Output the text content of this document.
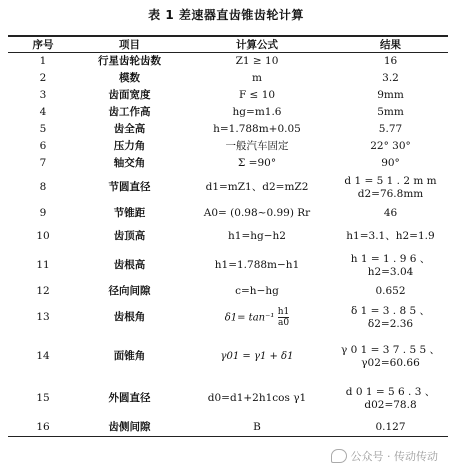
表 1 差速器直齿锥齿轮计算
序号	项目	计算公式	结果
1	行星齿轮齿数	Z1 ≥ 10	16
2	模数	m	3.2
3	齿面宽度	F ≤ 10	9mm
4	齿工作高	hg=m1.6	5mm
5	齿全高	h=1.788m+0.05	5.77
6	压力角	一般汽车固定	22° 30°
7	轴交角	Σ =90°	90°
8	节圆直径	d1=mZ1、d2=mZ2	d 1 = 5 1 . 2 m m
d2=76.8mm

9	节锥距	A0= (0.98~0.99) Rr	46
10	齿顶高	h1=hg−h2	h1=3.1、h2=1.9
11	齿根高	h1=1.788m−h1	h 1 = 1 . 9 6 、
h2=3.04

12	径向间隙	c=h−hg	0.652
13	齿根角	$\delta 1= \tan^{-1} \frac{h1}{a0}$	δ 1 = 3 . 8 5 、
δ2=2.36

14	面锥角	γ01 = γ1 + δ1	γ 0 1 = 3 7 . 5 5 、
γ02=60.66

15	外圆直径	d0=d1+2h1cos γ1	d 0 1 = 5 6 . 3 、
d02=78.8

16	齿侧间隙	B	0.127
公众号 · 传动传动
